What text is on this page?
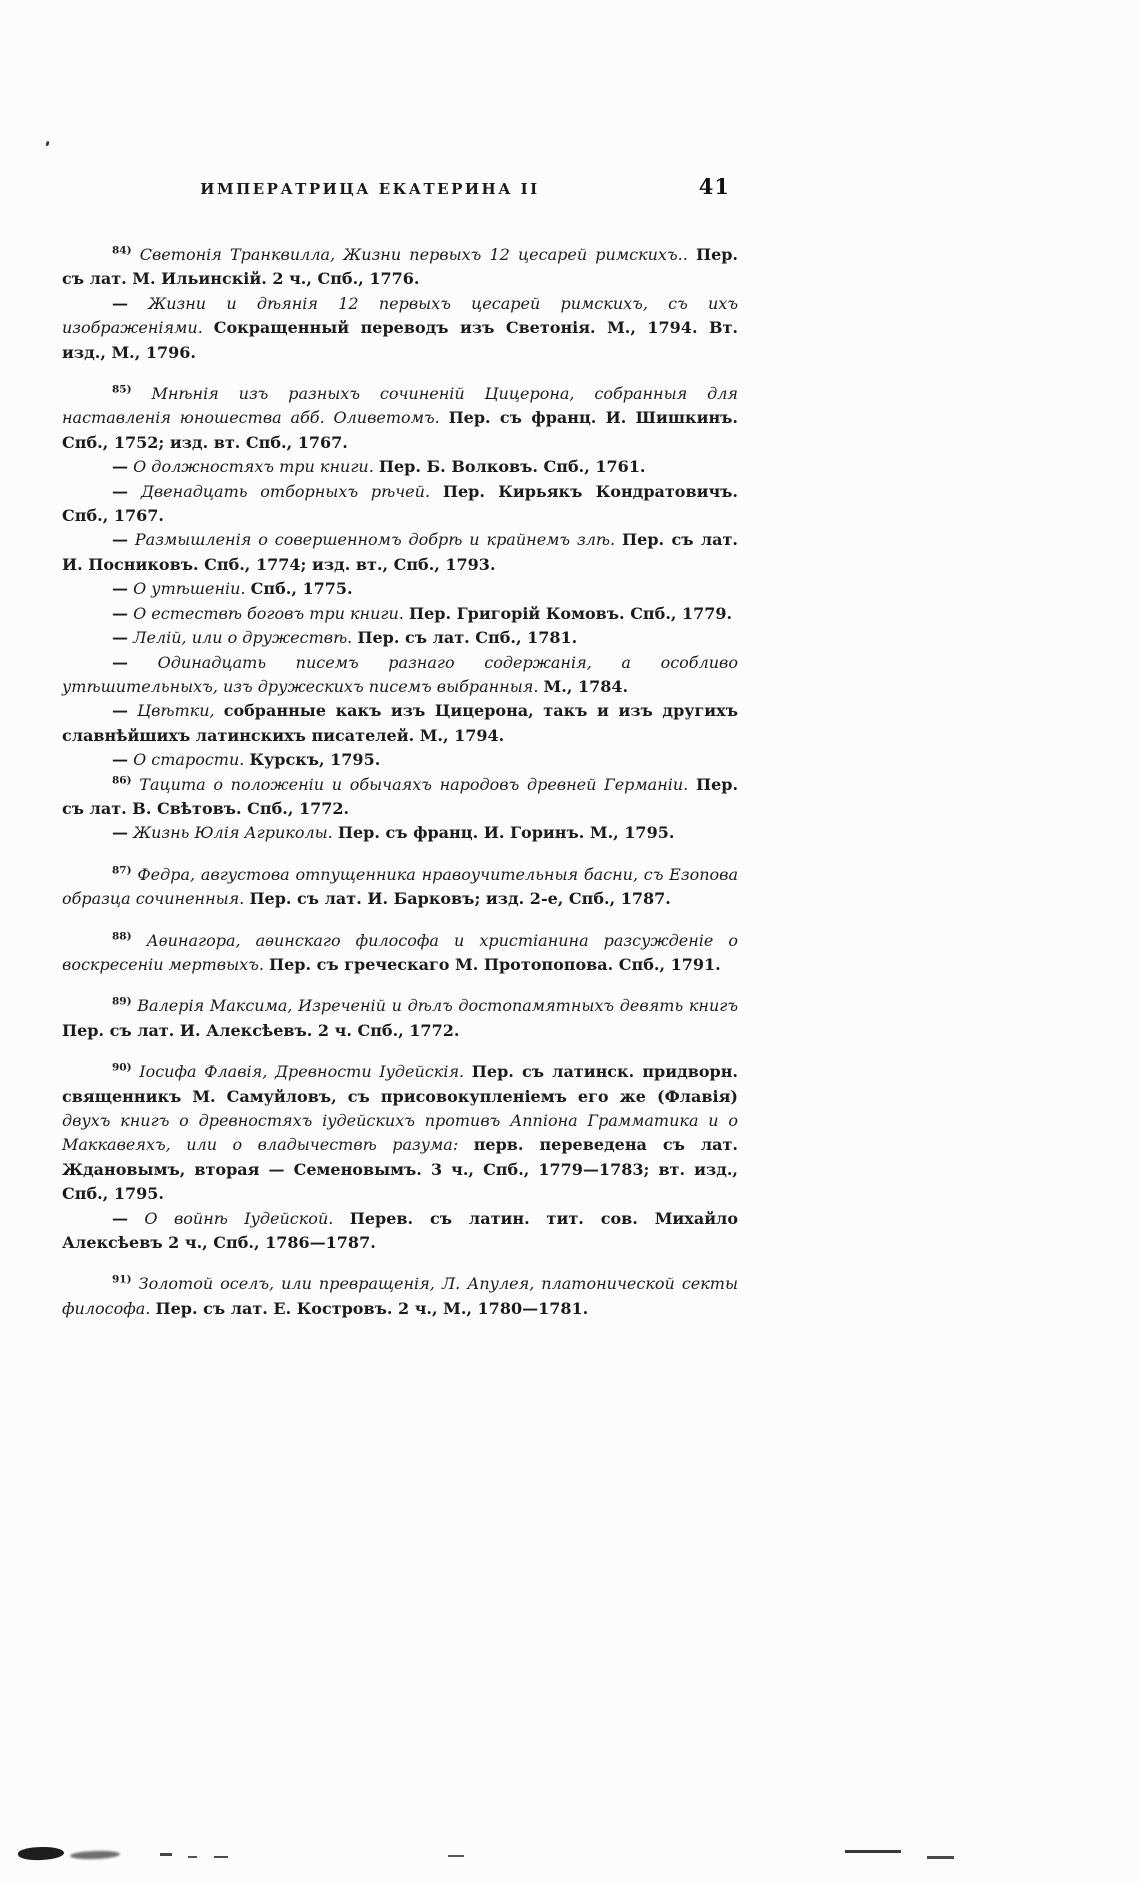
ИМПЕРАТРИЦА ЕКАТЕРИНА II	41

$^{84)}$ Светонія Транквилла, Жизни первыхъ 12 цесарей римскихъ.. Пер. съ лат. М. Ильинскій. 2 ч., Спб., 1776.

— Жизни и дѣянія 12 первыхъ цесарей римскихъ, съ ихъ изображеніями. Сокращенный переводъ изъ Светонія. М., 1794. Вт. изд., М., 1796.

$^{85)}$ Мнѣнія изъ разныхъ сочиненій Цицерона, собранныя для наставленія юношества абб. Оливетомъ. Пер. съ франц. И. Шишкинъ. Спб., 1752; изд. вт. Спб., 1767.

— О должностяхъ три книги. Пер. Б. Волковъ. Спб., 1761.

— Двенадцать отборныхъ рѣчей. Пер. Кирьякъ Кондратовичъ. Спб., 1767.

— Размышленія о совершенномъ добрѣ и крайнемъ злѣ. Пер. съ лат. И. Посниковъ. Спб., 1774; изд. вт., Спб., 1793.

— О утѣшеніи. Спб., 1775.

— О естествѣ боговъ три книги. Пер. Григорій Комовъ. Спб., 1779.

— Лелій, или о дружествѣ. Пер. съ лат. Спб., 1781.

— Одинадцать писемъ разнаго содержанія, а особливо утѣшительныхъ, изъ дружескихъ писемъ выбранныя. М., 1784.

— Цвѣтки, собранные какъ изъ Цицерона, такъ и изъ другихъ славнѣйшихъ латинскихъ писателей. М., 1794.

— О старости. Курскъ, 1795.

$^{86)}$ Тацита о положеніи и обычаяхъ народовъ древней Германіи. Пер. съ лат. В. Свѣтовъ. Спб., 1772.

— Жизнь Юлія Агриколы. Пер. съ франц. И. Горинъ. М., 1795.

$^{87)}$ Федра, августова отпущенника нравоучительныя басни, съ Езопова образца сочиненныя. Пер. съ лат. И. Барковъ; изд. 2-е, Спб., 1787.

$^{88)}$ Аѳинагора, аѳинскаго философа и христіанина разсужденіе о воскресеніи мертвыхъ. Пер. съ греческаго М. Протопопова. Спб., 1791.

$^{89)}$ Валерія Максима, Изреченій и дѣлъ достопамятныхъ девять книгъ Пер. съ лат. И. Алексѣевъ. 2 ч. Спб., 1772.

$^{90)}$ Іосифа Флавія, Древности Іудейскія. Пер. съ латинск. придворн. священникъ М. Самуйловъ, съ присовокупленіемъ его же (Флавія) двухъ книгъ о древностяхъ іудейскихъ противъ Аппіона Грамматика и о Маккавеяхъ, или о владычествѣ разума: перв. переведена съ лат. Ждановымъ, вторая — Семеновымъ. 3 ч., Спб., 1779—1783; вт. изд., Спб., 1795.

— О войнѣ Іудейской. Перев. съ латин. тит. сов. Михайло Алексѣевъ 2 ч., Спб., 1786—1787.

$^{91)}$ Золотой оселъ, или превращенія, Л. Апулея, платонической секты философа. Пер. съ лат. Е. Костровъ. 2 ч., М., 1780—1781.
